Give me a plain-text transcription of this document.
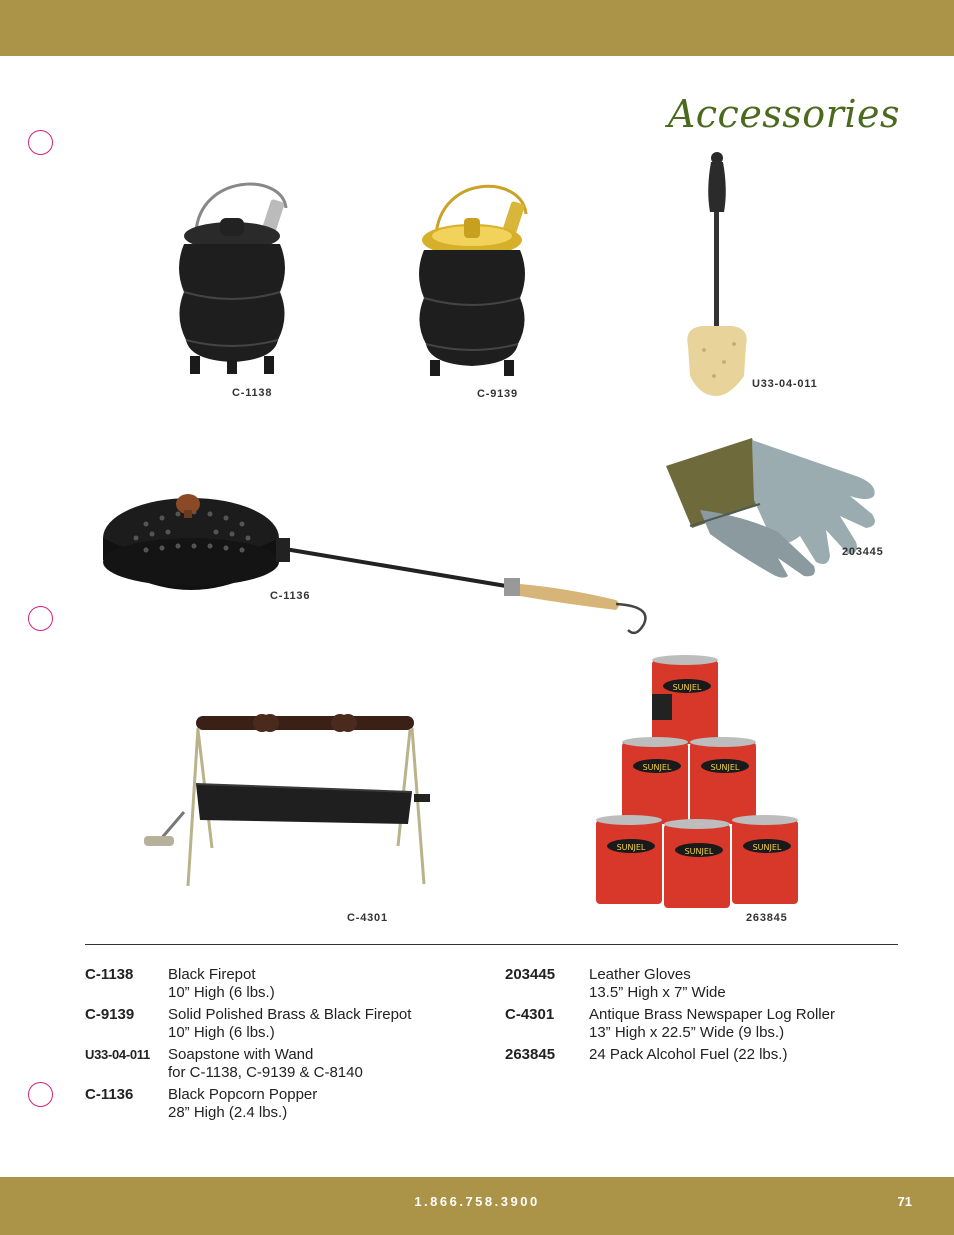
Accessories
C-1138	C-9139
U33-04-011
203445
C-1136
C-4301
SUNJEL
SUNJEL	SUNJEL
SUNJEL	SUNJEL	SUNJEL
263845
C-1138 Black Firepot
10” High (6 lbs.)
C-9139 Solid Polished Brass & Black Firepot
10” High (6 lbs.)
U33-04-011 Soapstone with Wand
for C-1138, C-9139 & C-8140
C-1136 Black Popcorn Popper
28” High (2.4 lbs.)
203445 Leather Gloves
13.5” High x 7” Wide
C-4301 Antique Brass Newspaper Log Roller
13” High x 22.5” Wide (9 lbs.)
263845 24 Pack Alcohol Fuel (22 lbs.)
1.866.758.3900	71
